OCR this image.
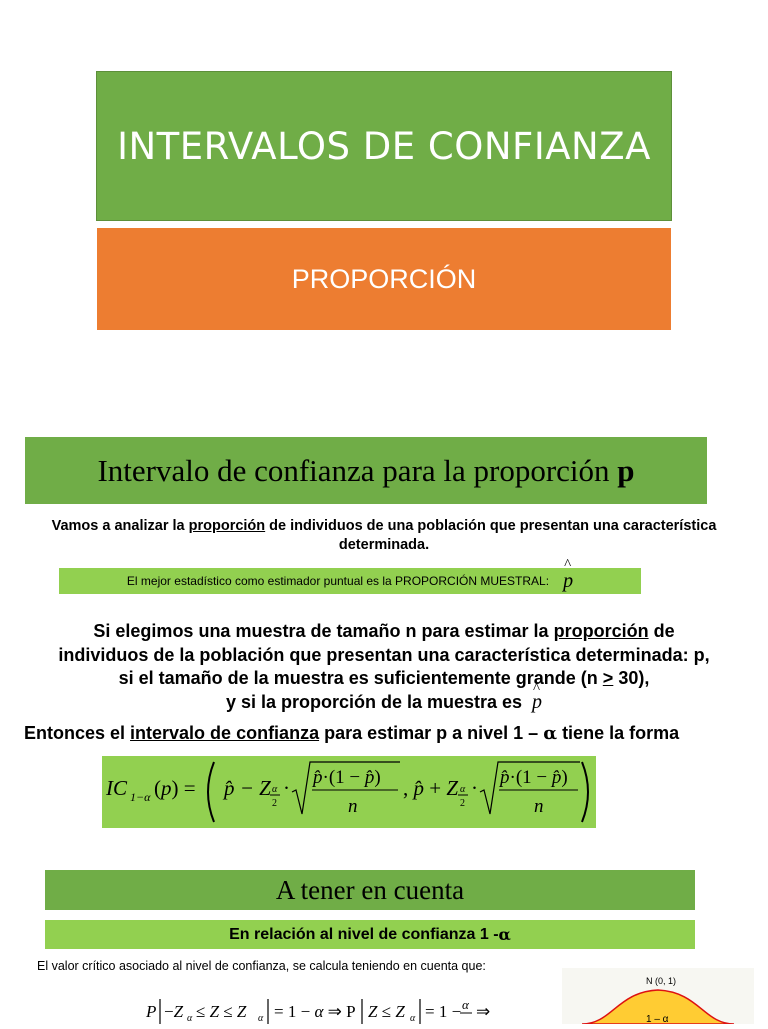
INTERVALOS DE CONFIANZA
PROPORCIÓN
Intervalo de confianza para la proporción p
Vamos a analizar la proporción de individuos de una población que presentan una característica determinada.
El mejor estadístico como estimador puntual es la PROPORCIÓN MUESTRAL: ^ p
Si elegimos una muestra de tamaño n para estimar la proporción de
individuos de la población que presentan una característica determinada: p,
si el tamaño de la muestra es suficientemente grande (n > 30),
y si la proporción de la muestra es ^ p
Entonces el intervalo de confianza para estimar p a nivel 1 – α tiene la forma
IC 1−α (p) = p̂ − Z α
2
· p̂·(1 − p̂)
n
, p̂ + Z α
2
· p̂·(1 − p̂)
n
A tener en cuenta
En relación al nivel de confianza 1 - α
El valor crítico asociado al nivel de confianza, se calcula teniendo en cuenta que:
P −Z α ≤ Z ≤ Z α = 1 − α ⇒ P Z ≤ Z α = 1 − α ⇒
N (0, 1)
1 – α
